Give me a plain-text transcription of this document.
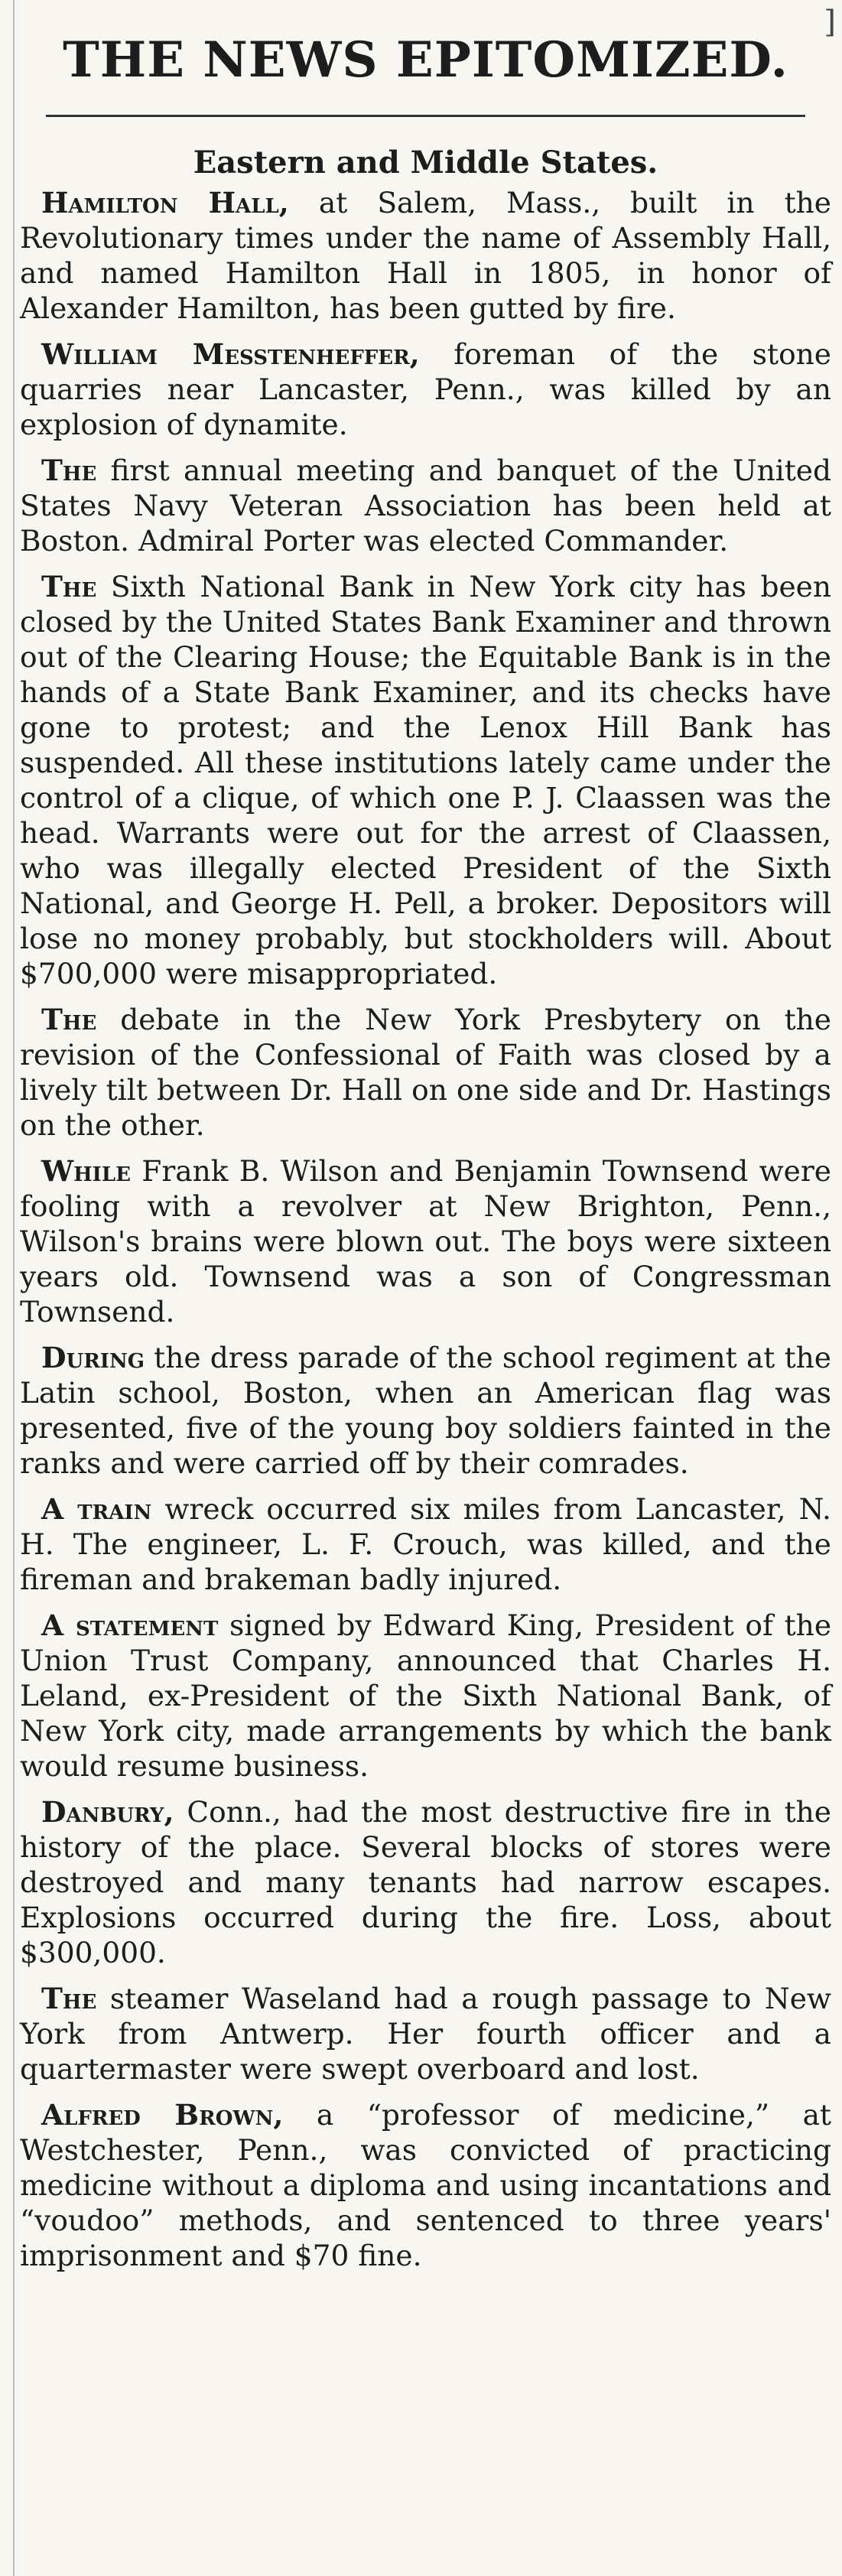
]
THE NEWS EPITOMIZED.
Eastern and Middle States.

Hamilton Hall, at Salem, Mass., built in the Revolutionary times under the name of Assembly Hall, and named Hamilton Hall in 1805, in honor of Alexander Hamilton, has been gutted by fire.

William Messtenheffer, foreman of the stone quarries near Lancaster, Penn., was killed by an explosion of dynamite.

The first annual meeting and banquet of the United States Navy Veteran Association has been held at Boston. Admiral Porter was elected Commander.

The Sixth National Bank in New York city has been closed by the United States Bank Examiner and thrown out of the Clearing House; the Equitable Bank is in the hands of a State Bank Examiner, and its checks have gone to protest; and the Lenox Hill Bank has suspended. All these institutions lately came under the control of a clique, of which one P. J. Claassen was the head. Warrants were out for the arrest of Claassen, who was illegally elected President of the Sixth National, and George H. Pell, a broker. Depositors will lose no money probably, but stockholders will. About $700,000 were misappropriated.

The debate in the New York Presbytery on the revision of the Confessional of Faith was closed by a lively tilt between Dr. Hall on one side and Dr. Hastings on the other.

While Frank B. Wilson and Benjamin Townsend were fooling with a revolver at New Brighton, Penn., Wilson's brains were blown out. The boys were sixteen years old. Townsend was a son of Congressman Townsend.

During the dress parade of the school regiment at the Latin school, Boston, when an American flag was presented, five of the young boy soldiers fainted in the ranks and were carried off by their comrades.

A train wreck occurred six miles from Lancaster, N. H. The engineer, L. F. Crouch, was killed, and the fireman and brakeman badly injured.

A statement signed by Edward King, President of the Union Trust Company, announced that Charles H. Leland, ex-President of the Sixth National Bank, of New York city, made arrangements by which the bank would resume business.

Danbury, Conn., had the most destructive fire in the history of the place. Several blocks of stores were destroyed and many tenants had narrow escapes. Explosions occurred during the fire. Loss, about $300,000.

The steamer Waseland had a rough passage to New York from Antwerp. Her fourth officer and a quartermaster were swept overboard and lost.

Alfred Brown, a “professor of medicine,” at Westchester, Penn., was convicted of practicing medicine without a diploma and using incantations and “voudoo” methods, and sentenced to three years' imprisonment and $70 fine.
